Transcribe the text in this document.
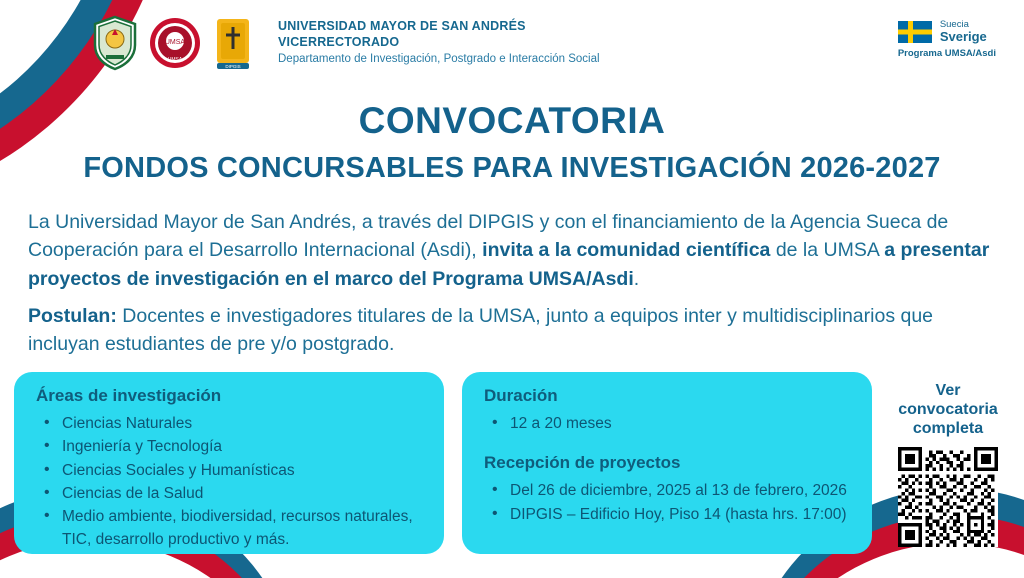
UMSA
UMSA
DIPGIS
UNIVERSIDAD MAYOR DE SAN ANDRÉS
VICERRECTORADO
Departamento de Investigación, Postgrado e Interacción Social
Suecia
Sverige
Programa UMSA/Asdi
CONVOCATORIA
FONDOS CONCURSABLES PARA INVESTIGACIÓN 2026-2027
La Universidad Mayor de San Andrés, a través del DIPGIS y con el financiamiento de la Agencia Sueca de Cooperación para el Desarrollo Internacional (Asdi), invita a la comunidad científica de la UMSA a presentar proyectos de investigación en el marco del Programa UMSA/Asdi.
Postulan: Docentes e investigadores titulares de la UMSA, junto a equipos inter y multidisciplinarios que incluyan estudiantes de pre y/o postgrado.
Áreas de investigación
• Ciencias Naturales
• Ingeniería y Tecnología
• Ciencias Sociales y Humanísticas
• Ciencias de la Salud
• Medio ambiente, biodiversidad, recursos naturales, TIC, desarrollo productivo y más.
Duración
• 12 a 20 meses
Recepción de proyectos
• Del 26 de diciembre, 2025 al 13 de febrero, 2026
• DIPGIS – Edificio Hoy, Piso 14 (hasta hrs. 17:00)
Ver
convocatoria
completa
